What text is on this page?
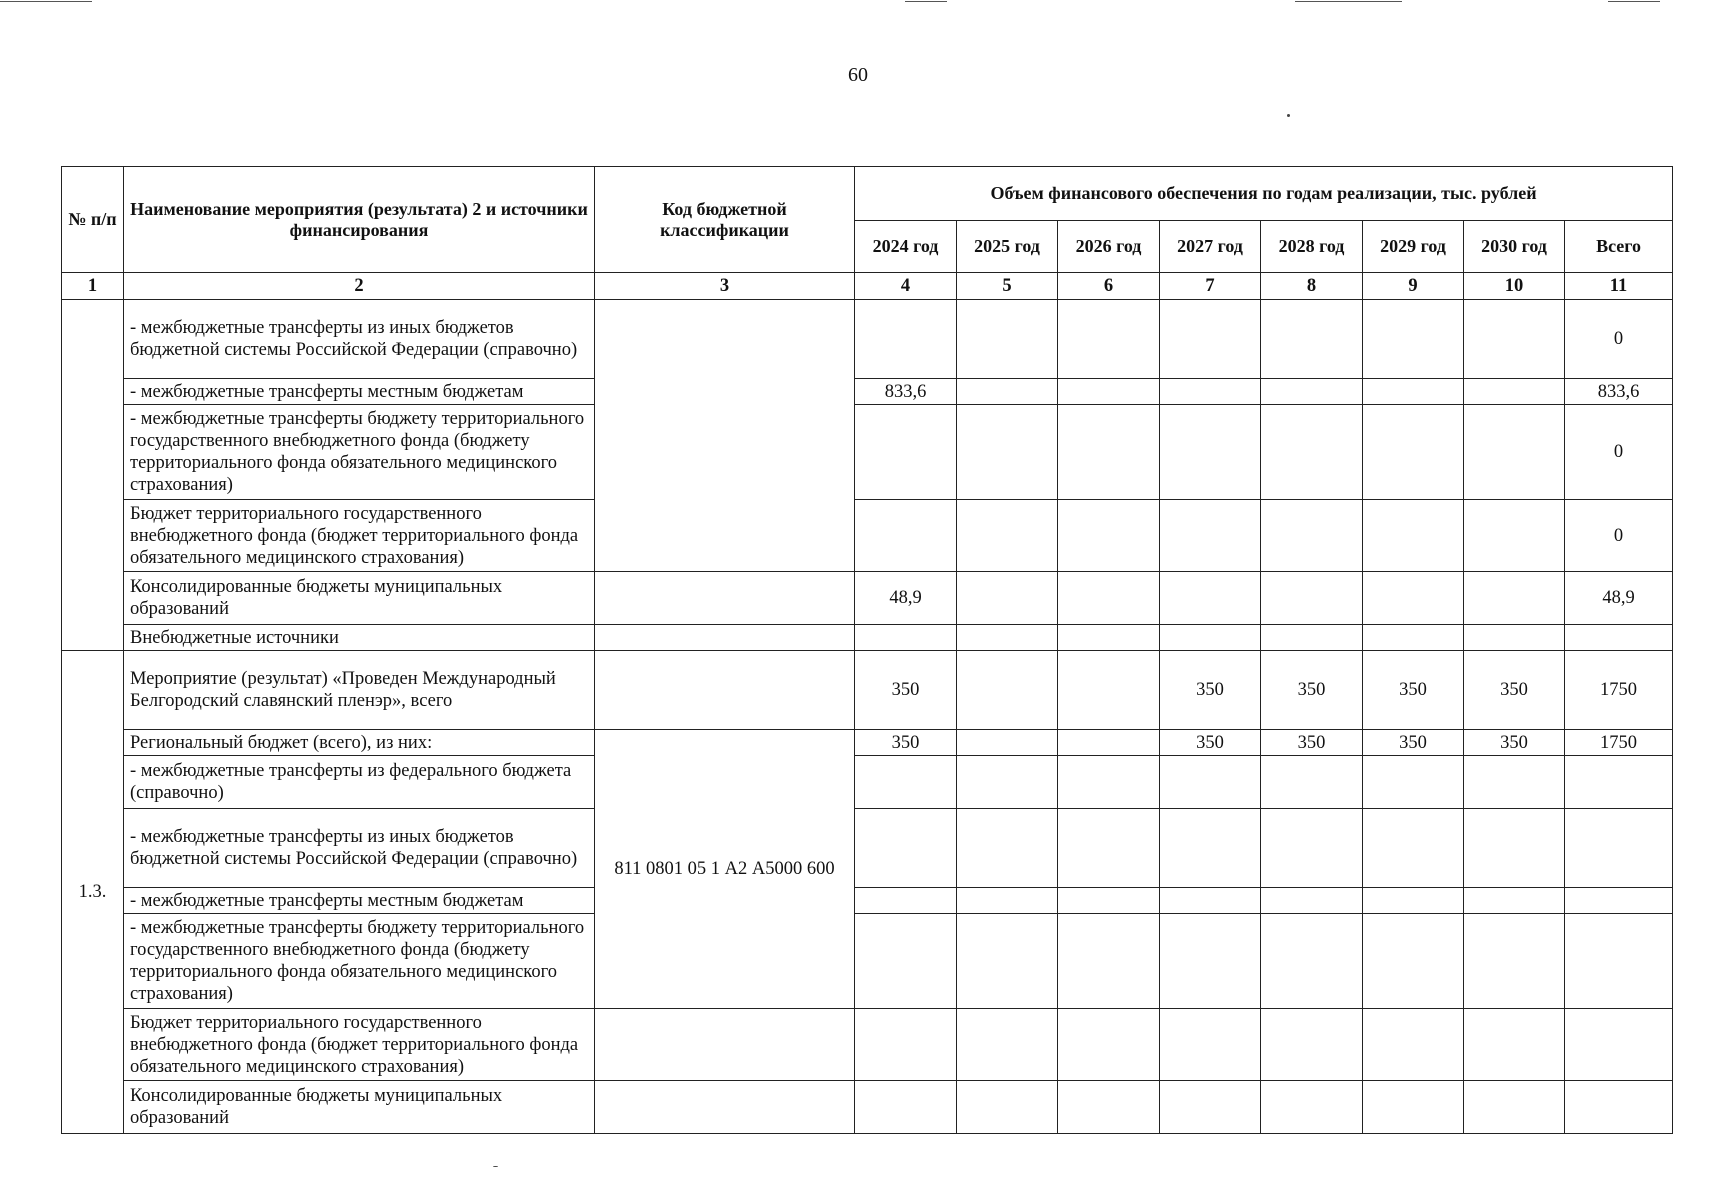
60
№ п/п	Наименование мероприятия (результата) 2 и источники финансирования	Код бюджетной классификации	Объем финансового обеспечения по годам реализации, тыс. рублей							
			2024 год	2025 год	2026 год	2027 год	2028 год	2029 год	2030 год	Всего
1	2	3	4	5	6	7	8	9	10	11
	- межбюджетные трансферты из иных бюджетов бюджетной системы Российской Федерации (справочно)									0
	- межбюджетные трансферты местным бюджетам		833,6							833,6
	- межбюджетные трансферты бюджету территориального государственного внебюджетного фонда (бюджету территориального фонда обязательного медицинского страхования)									0
	Бюджет территориального государственного внебюджетного фонда (бюджет территориального фонда обязательного медицинского страхования)									0
	Консолидированные бюджеты муниципальных образований		48,9							48,9
	Внебюджетные источники									
1.3.	Мероприятие (результат) «Проведен Международный Белгородский славянский пленэр», всего		350			350	350	350	350	1750
	Региональный бюджет (всего), из них:	811 0801 05 1 А2 А5000 600	350			350	350	350	350	1750
	- межбюджетные трансферты из федерального бюджета (справочно)									
	- межбюджетные трансферты из иных бюджетов бюджетной системы Российской Федерации (справочно)									
	- межбюджетные трансферты местным бюджетам									
	- межбюджетные трансферты бюджету территориального государственного внебюджетного фонда (бюджету территориального фонда обязательного медицинского страхования)									
	Бюджет территориального государственного внебюджетного фонда (бюджет территориального фонда обязательного медицинского страхования)									
	Консолидированные бюджеты муниципальных образований									
